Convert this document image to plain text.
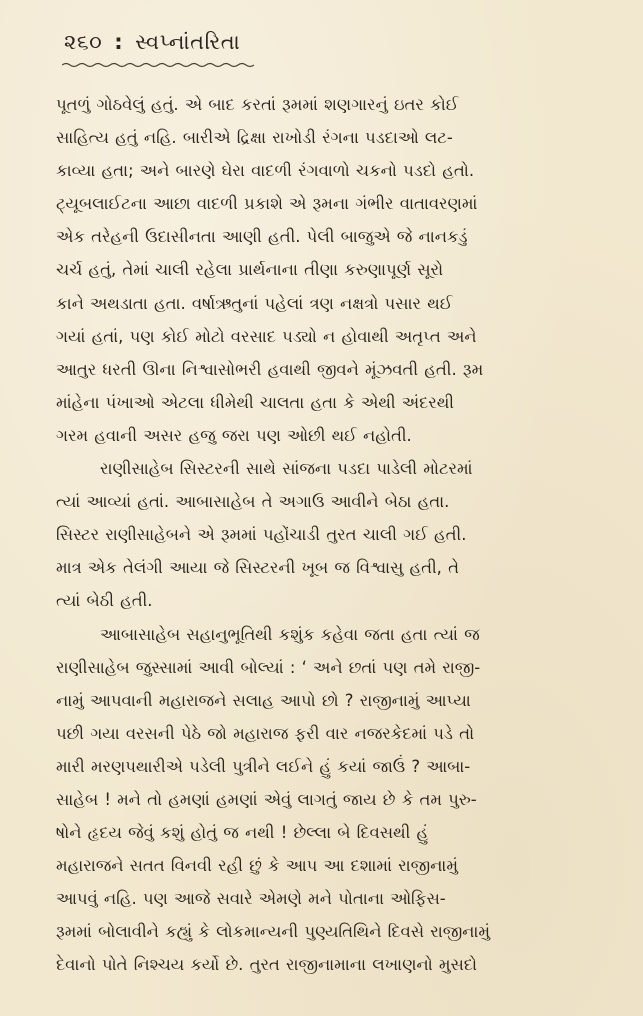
૨૬૦ : સ્વપ્નાંતરિતા
પૂતળું ગોઠવેલું હતું. એ બાદ કરતાં રૂમમાં શણગારનું ઇતર કોઈ
સાહિત્ય હતું નહિ. બારીએ દ્રિક્ષા રાખોડી રંગના પડદાઓ લટ-
કાવ્યા હતા; અને બારણે ઘેરા વાદળી રંગવાળો ચકનો પડદો હતો.
ટ્યૂબલાઈટના આછા વાદળી પ્રકાશે એ રૂમના ગંભીર વાતાવરણમાં
એક તરેહની ઉદાસીનતા આણી હતી. પેલી બાજુએ જે નાનકડું
ચર્ચ હતું, તેમાં ચાલી રહેલા પ્રાર્થનાના તીણા કરુણાપૂર્ણ સૂરો
કાને અથડાતા હતા. વર્ષાઋતુનાં પહેલાં ત્રણ નક્ષત્રો પસાર થઈ
ગયાં હતાં, પણ કોઈ મોટો વરસાદ પડ્યો ન હોવાથી અતૃપ્ત અને
આતુર ધરતી ઊના નિશ્વાસોભરી હવાથી જીવને મૂંઝવતી હતી. રૂમ
માંહેના પંખાઓ એટલા ધીમેથી ચાલતા હતા કે એથી અંદરથી
ગરમ હવાની અસર હજુ જરા પણ ઓછી થઈ નહોતી.
રાણીસાહેબ સિસ્ટરની સાથે સાંજના પડદા પાડેલી મોટરમાં
ત્યાં આવ્યાં હતાં. આબાસાહેબ તે અગાઉ આવીને બેઠા હતા.
સિસ્ટર રાણીસાહેબને એ રૂમમાં પહોંચાડી તુરત ચાલી ગઈ હતી.
માત્ર એક તેલંગી આયા જે સિસ્ટરની ખૂબ જ વિશ્વાસુ હતી, તે
ત્યાં બેઠી હતી.
આબાસાહેબ સહાનુભૂતિથી કશુંક કહેવા જતા હતા ત્યાં જ
રાણીસાહેબ જુસ્સામાં આવી બોલ્યાં : ‘ અને છતાં પણ તમે રાજી-
નામું આપવાની મહારાજને સલાહ આપો છો ? રાજીનામું આપ્યા
પછી ગયા વરસની પેઠે જો મહારાજ ફરી વાર નજરકેદમાં પડે તો
મારી મરણપથારીએ પડેલી પુત્રીને લઈને હું કયાં જાઉં ? આબા-
સાહેબ ! મને તો હમણાં હમણાં એવું લાગતું જાય છે કે તમ પુરુ-
ષોને હૃદય જેવું કશું હોતું જ નથી ! છેલ્લા બે દિવસથી હું
મહારાજને સતત વિનવી રહી છું કે આપ આ દશામાં રાજીનામું
આપવું નહિ. પણ આજે સવારે એમણે મને પોતાના ઓફિસ-
રૂમમાં બોલાવીને કહ્યું કે લોકમાન્યની પુણ્યતિથિને દિવસે રાજીનામું
દેવાનો પોતે નિશ્ચય કર્યો છે. તુરત રાજીનામાના લખાણનો મુસદો
